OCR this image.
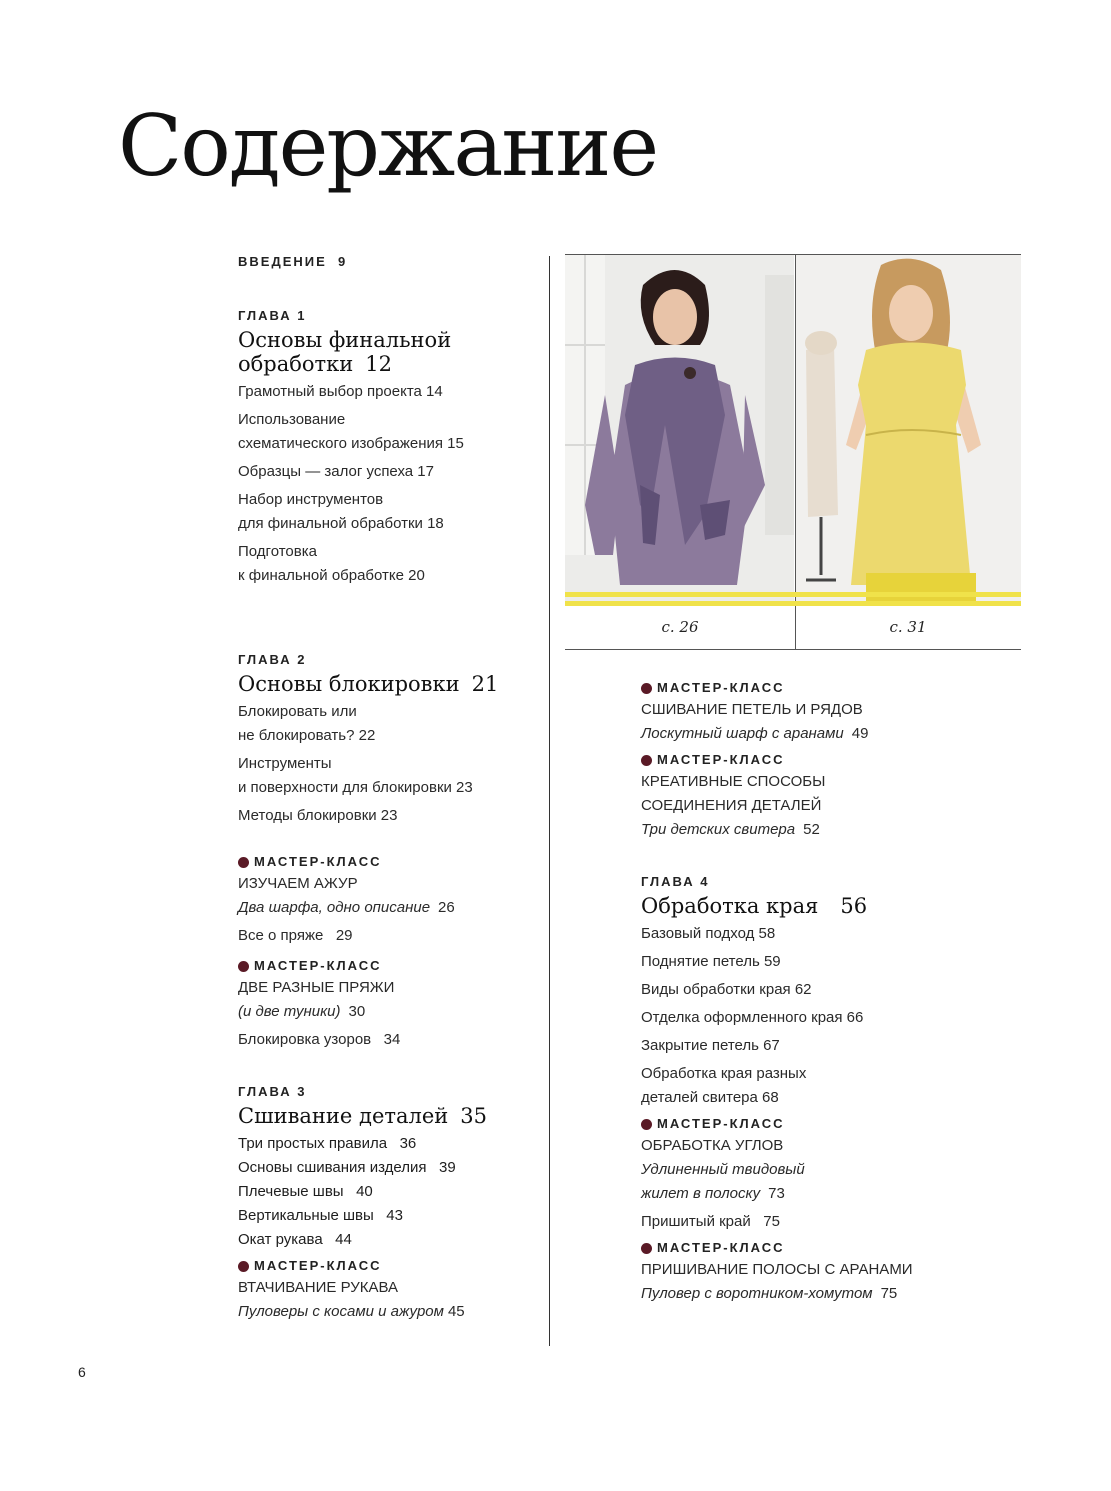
Содержание
ВВЕДЕНИЕ 9
ГЛАВА 1
Основы финальной
обработки 12
Грамотный выбор проекта 14
Использование
схематического изображения 15
Образцы — залог успеха 17
Набор инструментов
для финальной обработки 18
Подготовка
к финальной обработке 20
ГЛАВА 2
Основы блокировки 21
Блокировать или
не блокировать? 22
Инструменты
и поверхности для блокировки 23
Методы блокировки 23
МАСТЕР-КЛАСС
ИЗУЧАЕМ АЖУР
Два шарфа, одно описание 26
Все о пряже   29
МАСТЕР-КЛАСС
ДВЕ РАЗНЫЕ ПРЯЖИ
(и две туники) 30
Блокировка узоров   34
ГЛАВА 3
Сшивание деталей 35
Три простых правила   36
Основы сшивания изделия   39
Плечевые швы   40
Вертикальные швы   43
Окат рукава   44
МАСТЕР-КЛАСС
ВТАЧИВАНИЕ РУКАВА
Пуловеры с косами и ажуром 45
с. 26	с. 31
МАСТЕР-КЛАСС
СШИВАНИЕ ПЕТЕЛЬ И РЯДОВ
Лоскутный шарф с аранами 49
МАСТЕР-КЛАСС
КРЕАТИВНЫЕ СПОСОБЫ
СОЕДИНЕНИЯ ДЕТАЛЕЙ
Три детских свитера 52
ГЛАВА 4
Обработка края 56
Базовый подход 58
Поднятие петель 59
Виды обработки края 62
Отделка оформленного края 66
Закрытие петель 67
Обработка края разных
деталей свитера 68
МАСТЕР-КЛАСС
ОБРАБОТКА УГЛОВ
Удлиненный твидовый
жилет в полоску 73
Пришитый край   75
МАСТЕР-КЛАСС
ПРИШИВАНИЕ ПОЛОСЫ С АРАНАМИ
Пуловер с воротником-хомутом 75
6
